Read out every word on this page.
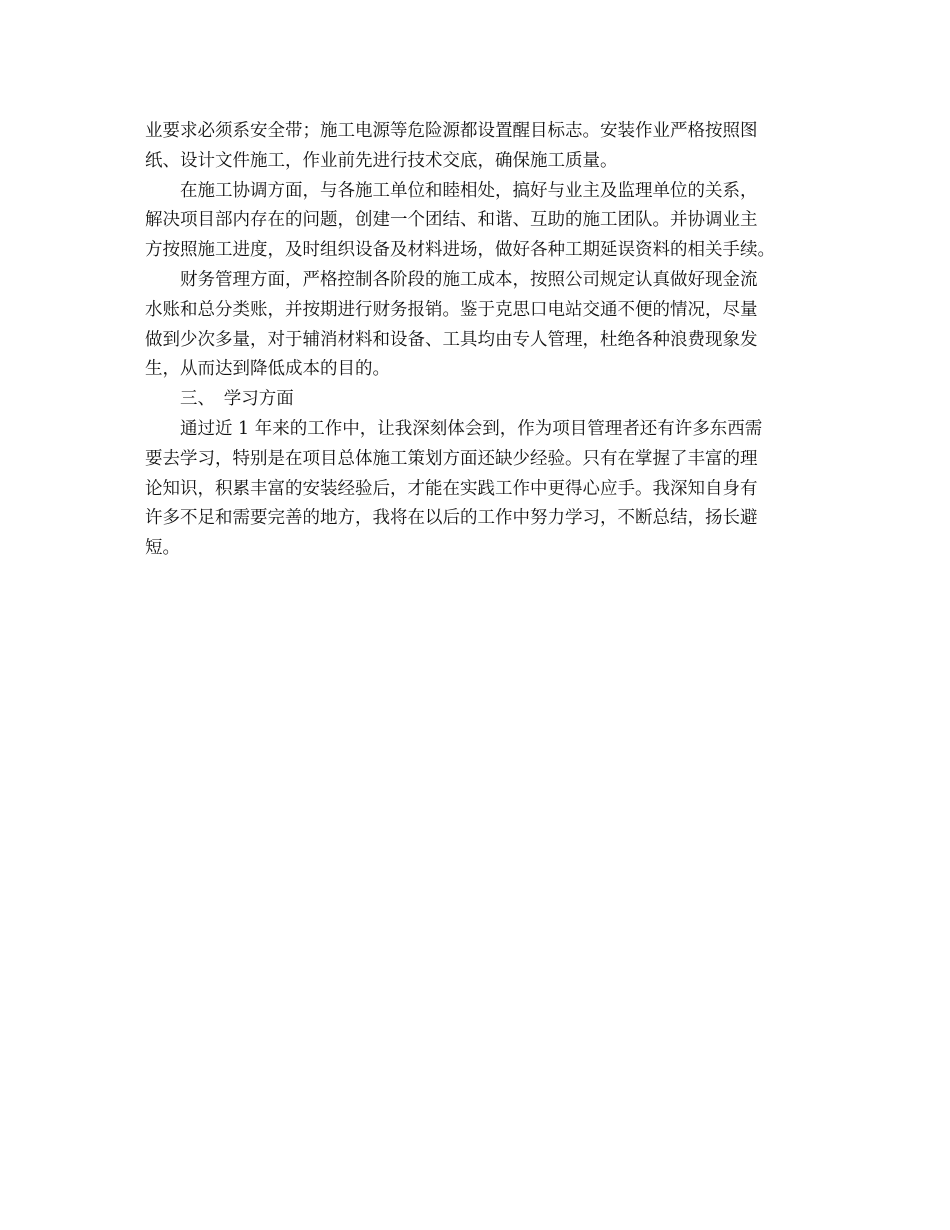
业要求必须系安全带；施工电源等危险源都设置醒目标志。安装作业严格按照图

纸、设计文件施工，作业前先进行技术交底，确保施工质量。

　　在施工协调方面，与各施工单位和睦相处，搞好与业主及监理单位的关系，

解决项目部内存在的问题，创建一个团结、和谐、互助的施工团队。并协调业主

方按照施工进度，及时组织设备及材料进场，做好各种工期延误资料的相关手续。

　　财务管理方面，严格控制各阶段的施工成本，按照公司规定认真做好现金流

水账和总分类账，并按期进行财务报销。鉴于克思口电站交通不便的情况，尽量

做到少次多量，对于辅消材料和设备、工具均由专人管理，杜绝各种浪费现象发

生，从而达到降低成本的目的。

　　三、　学习方面

　　通过近 1 年来的工作中，让我深刻体会到，作为项目管理者还有许多东西需

要去学习，特别是在项目总体施工策划方面还缺少经验。只有在掌握了丰富的理

论知识，积累丰富的安装经验后，才能在实践工作中更得心应手。我深知自身有

许多不足和需要完善的地方，我将在以后的工作中努力学习，不断总结，扬长避

短。
